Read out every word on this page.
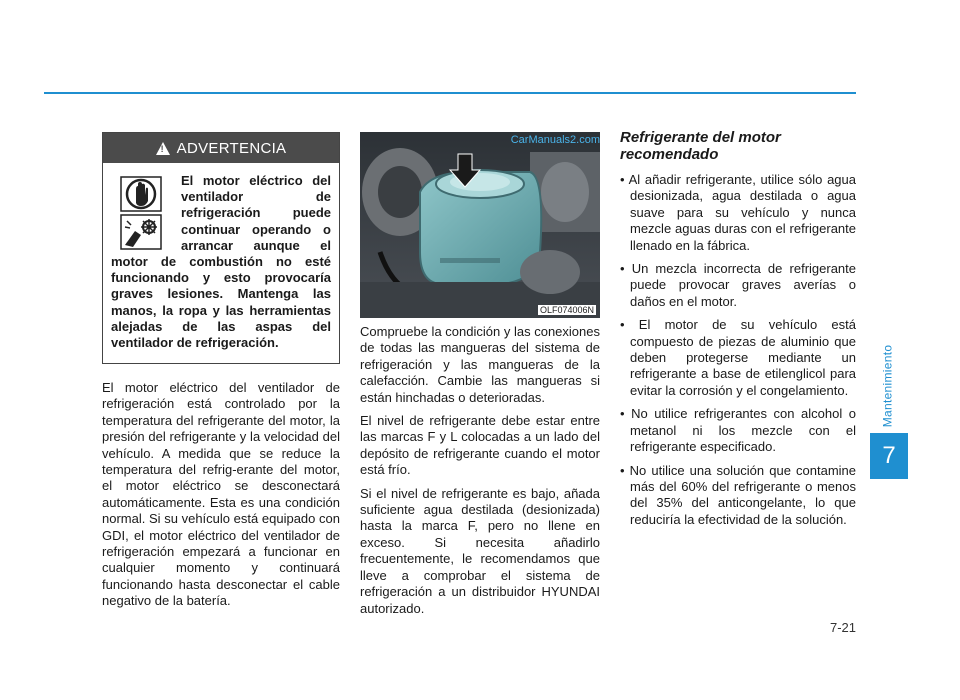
Mantenimiento
7
!
ADVERTENCIA
El motor eléctrico del ventilador de refrigeración puede continuar operando o arrancar aunque el motor de combustión no esté funcionando y esto provocaría graves lesiones. Mantenga las manos, la ropa y las herramientas alejadas de las aspas del ventilador de refrigeración.

El motor eléctrico del ventilador de refrigeración está controlado por la temperatura del refrigerante del motor, la presión del refrigerante y la velocidad del vehículo. A medida que se reduce la temperatura del refrig-erante del motor, el motor eléctrico se desconectará automáticamente. Esta es una condición normal. Si su vehículo está equipado con GDI, el motor eléctrico del ventilador de refrigeración empezará a funcionar en cualquier momento y continuará funcionando hasta desconectar el cable negativo de la batería.

CarManuals2.com
OLF074006N

Compruebe la condición y las conexiones de todas las mangueras del sistema de refrigeración y las mangueras de la calefacción. Cambie las mangueras si están hinchadas o deterioradas.

El nivel de refrigerante debe estar entre las marcas F y L colocadas a un lado del depósito de refrigerante cuando el motor está frío.

Si el nivel de refrigerante es bajo, añada suficiente agua destilada (desionizada) hasta la marca F, pero no llene en exceso. Si necesita añadirlo frecuentemente, le recomendamos que lleve a comprobar el sistema de refrigeración a un distribuidor HYUNDAI autorizado.

Refrigerante del motor recomendado
• Al añadir refrigerante, utilice sólo agua desionizada, agua destilada o agua suave para su vehículo y nunca mezcle aguas duras con el refrigerante llenado en la fábrica.
• Un mezcla incorrecta de refrigerante puede provocar graves averías o daños en el motor.
• El motor de su vehículo está compuesto de piezas de aluminio que deben protegerse mediante un refrigerante a base de etilenglicol para evitar la corrosión y el congelamiento.
• No utilice refrigerantes con alcohol o metanol ni los mezcle con el refrigerante especificado.
• No utilice una solución que contamine más del 60% del refrigerante o menos del 35% del anticongelante, lo que reduciría la efectividad de la solución.
7-21
